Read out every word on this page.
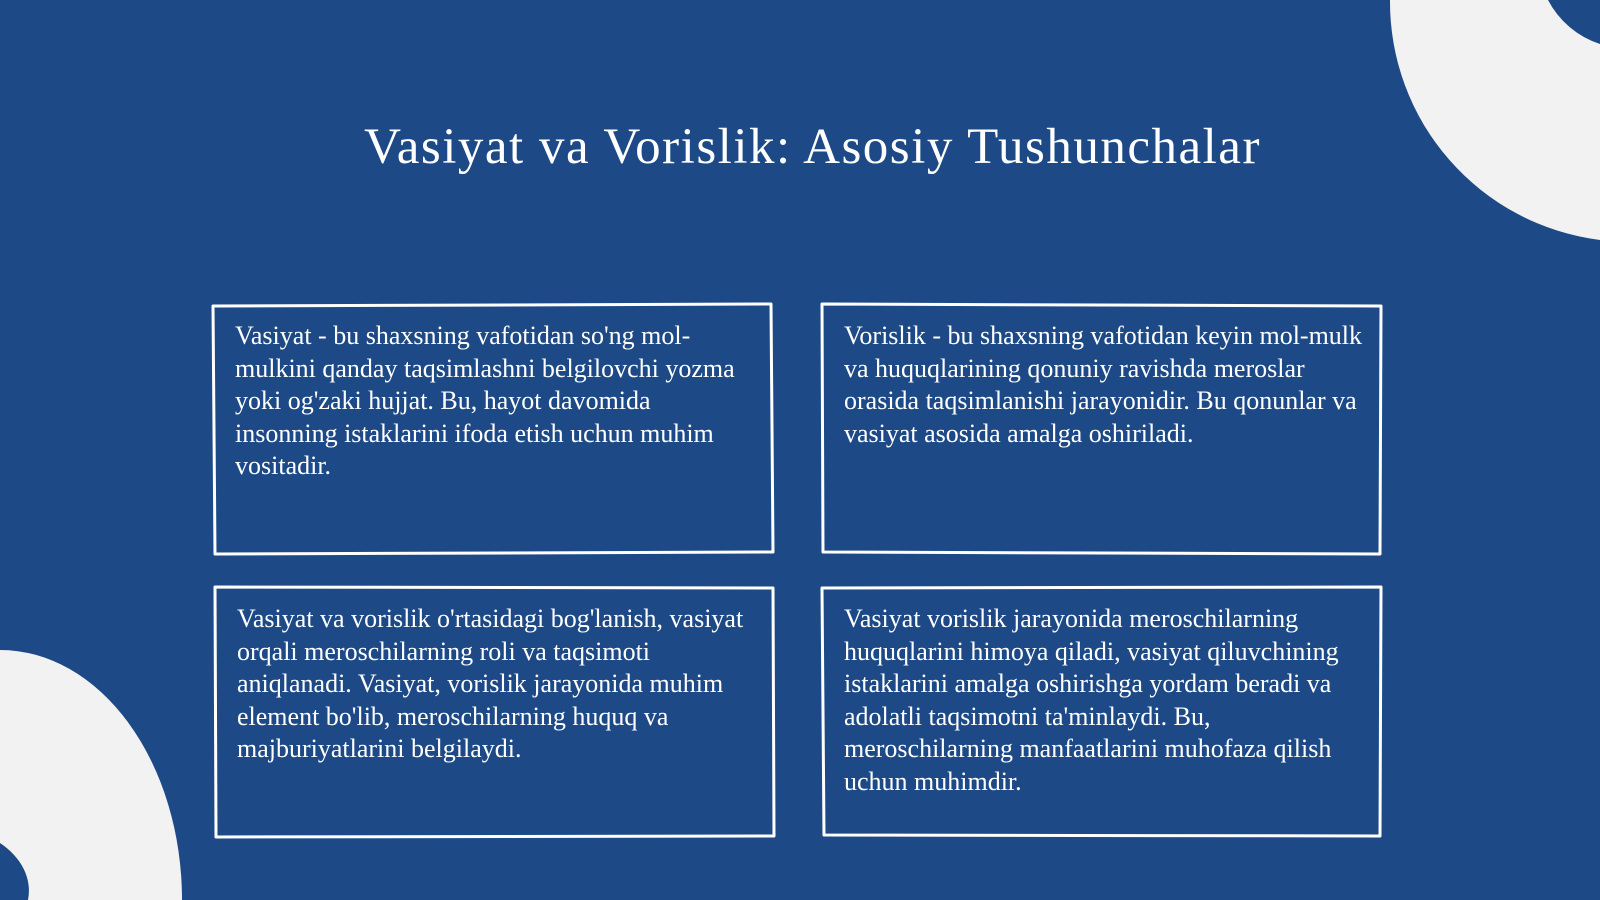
Vasiyat va Vorislik: Asosiy Tushunchalar

Vasiyat - bu shaxsning vafotidan so'ng mol-mulkini qanday taqsimlashni belgilovchi yozma yoki og'zaki hujjat. Bu, hayot davomida insonning istaklarini ifoda etish uchun muhim vositadir.

Vorislik - bu shaxsning vafotidan keyin mol-mulk va huquqlarining qonuniy ravishda meroslar orasida taqsimlanishi jarayonidir. Bu qonunlar va vasiyat asosida amalga oshiriladi.

Vasiyat va vorislik o'rtasidagi bog'lanish, vasiyat orqali meroschilarning roli va taqsimoti aniqlanadi. Vasiyat, vorislik jarayonida muhim element bo'lib, meroschilarning huquq va majburiyatlarini belgilaydi.

Vasiyat vorislik jarayonida meroschilarning huquqlarini himoya qiladi, vasiyat qiluvchining istaklarini amalga oshirishga yordam beradi va adolatli taqsimotni ta'minlaydi. Bu, meroschilarning manfaatlarini muhofaza qilish uchun muhimdir.
